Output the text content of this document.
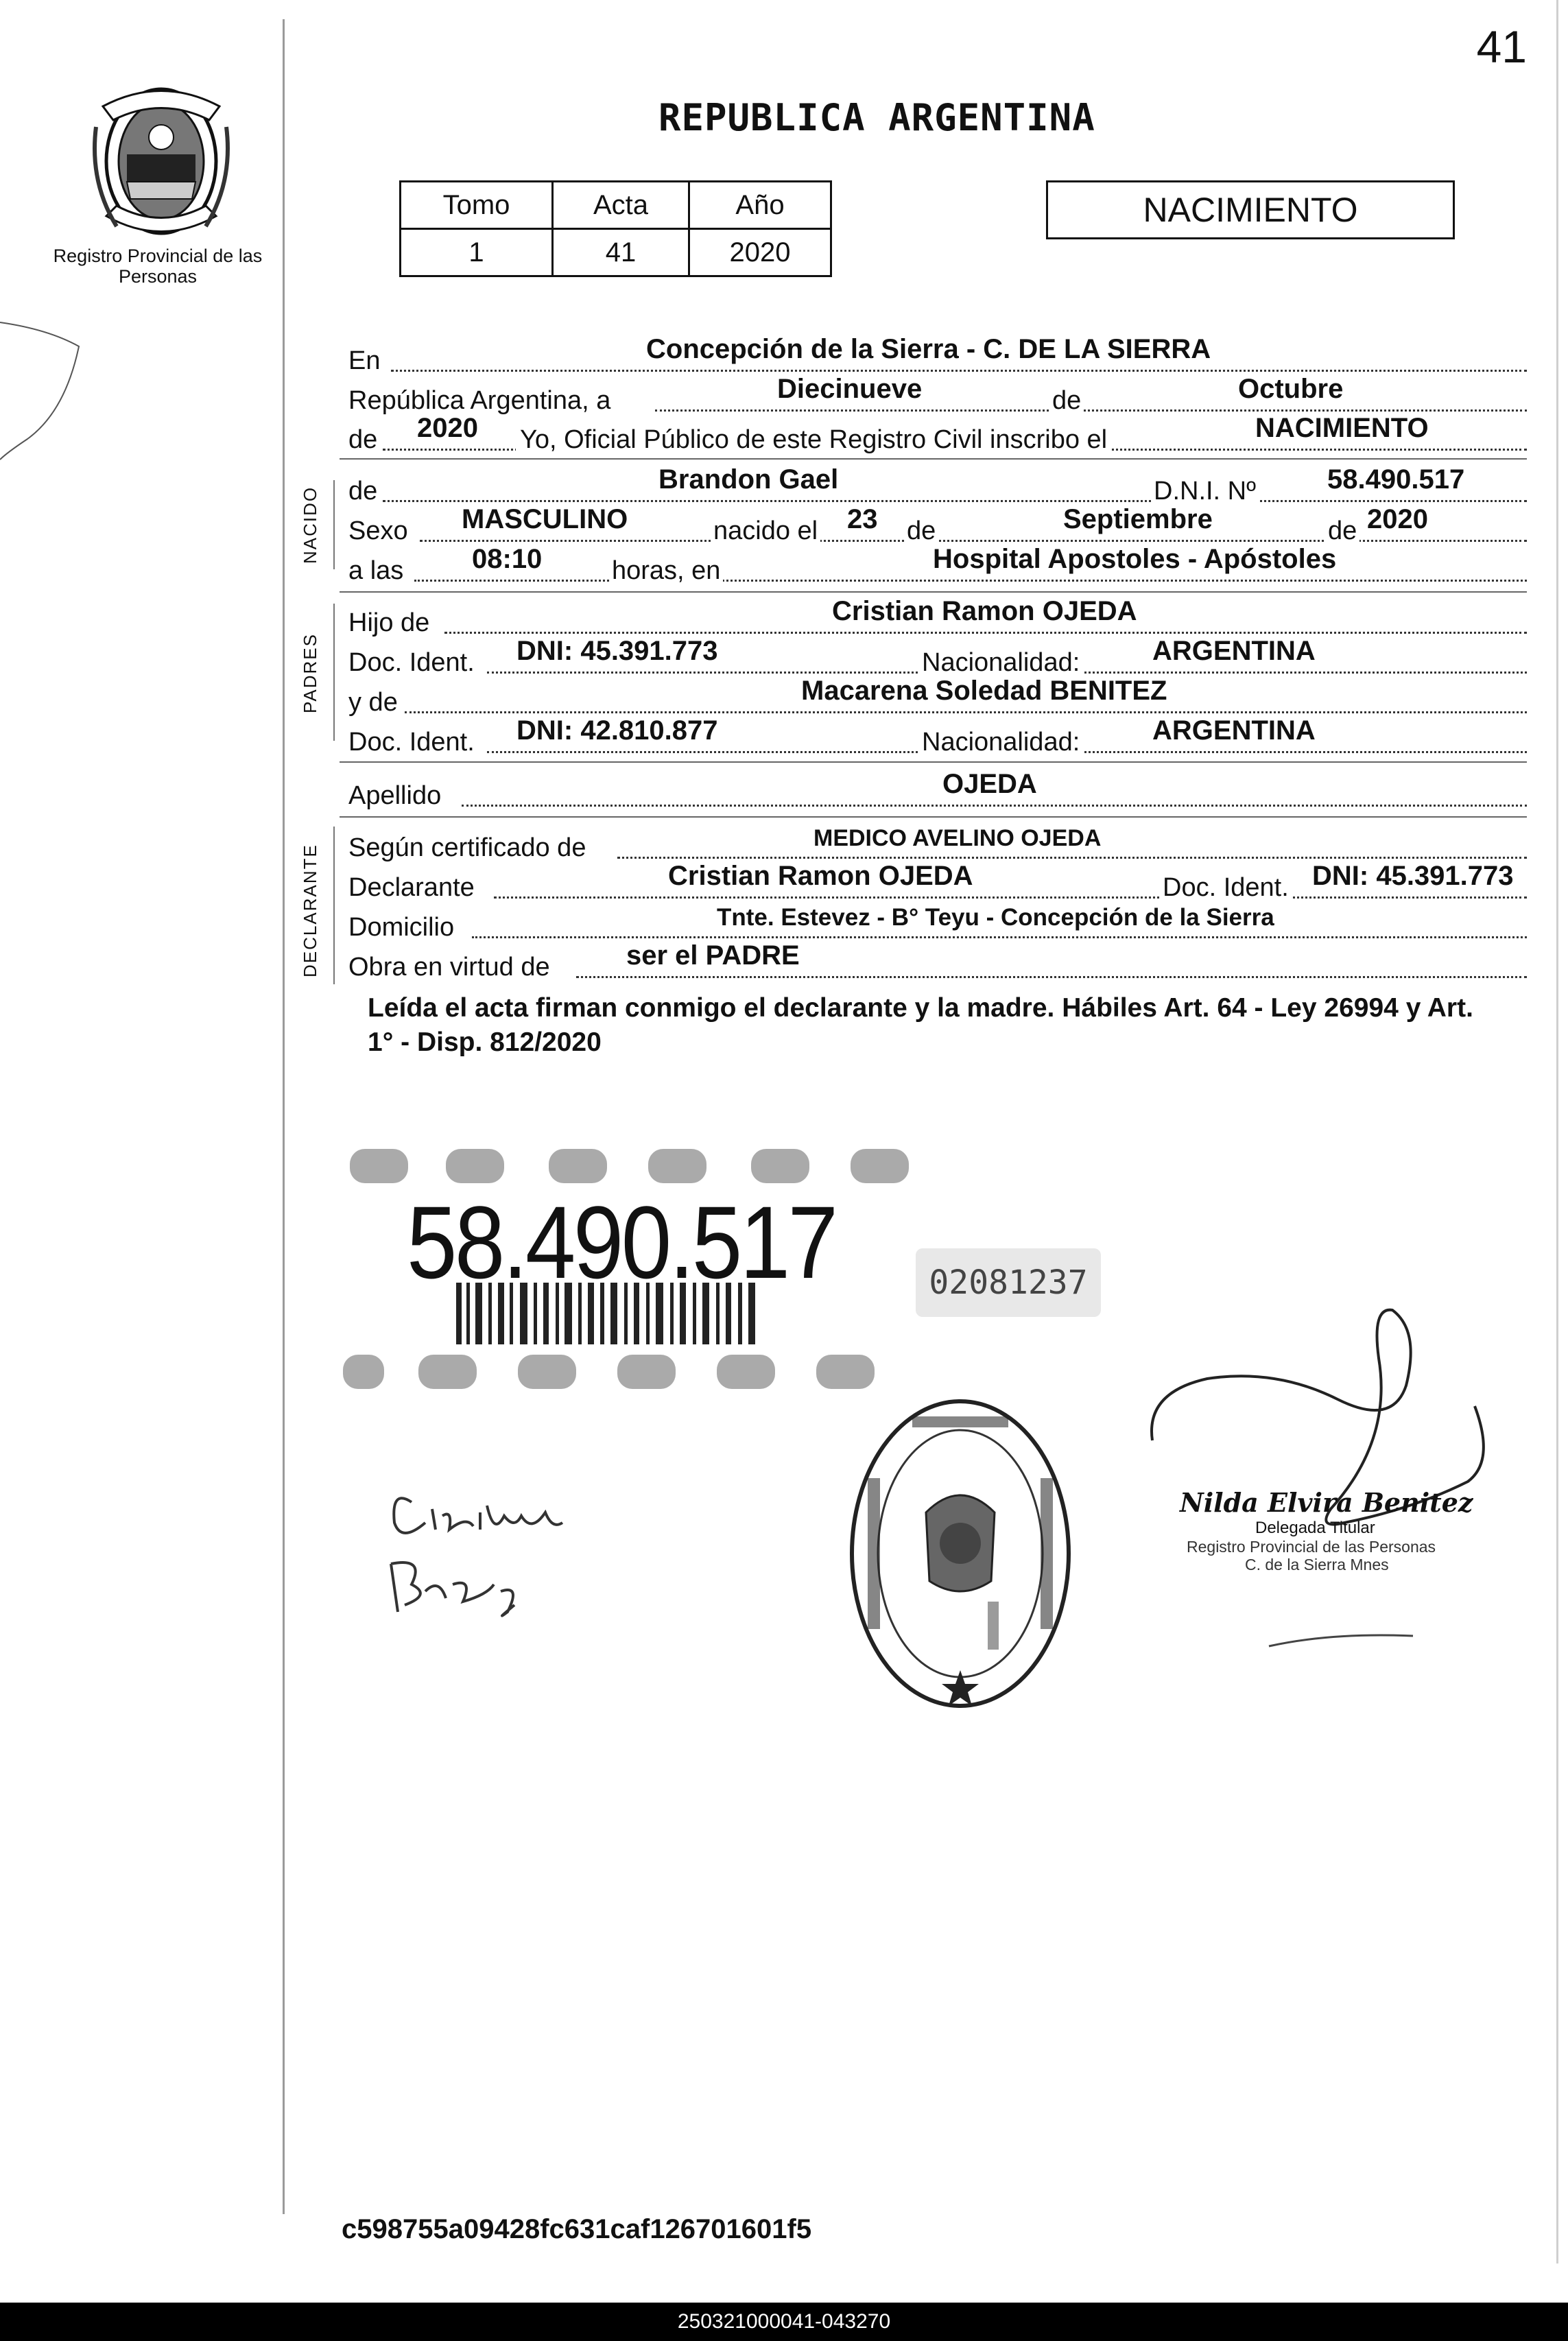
41
Registro Provincial de las Personas
REPUBLICA ARGENTINA
Tomo	Acta	Año
1	41	2020
NACIMIENTO
NACIDO
PADRES
DECLARANTE
En	Concepción de la Sierra - C. DE LA SIERRA
República Argentina, a	Diecinueve	de	Octubre
de 2020 Yo, Oficial Público de este Registro Civil inscribo el	NACIMIENTO
de	Brandon Gael	D.N.I. Nº	58.490.517
Sexo MASCULINO	nacido el 23 de	Septiembre	de 2020
a las 08:10	horas, en	Hospital Apostoles - Apóstoles
Hijo de	Cristian Ramon OJEDA
Doc. Ident. DNI: 45.391.773	Nacionalidad:	ARGENTINA
y de	Macarena Soledad BENITEZ
Doc. Ident. DNI: 42.810.877	Nacionalidad:	ARGENTINA
Apellido	OJEDA
Según certificado de	MEDICO AVELINO OJEDA
Declarante	Cristian Ramon OJEDA	Doc. Ident. DNI: 45.391.773
Domicilio	Tnte. Estevez - B° Teyu - Concepción de la Sierra
Obra en virtud de	ser el PADRE
Leída el acta firman conmigo el declarante y la madre. Hábiles Art. 64 - Ley 26994 y Art. 1° - Disp. 812/2020
58.490.517	02081237
Nilda Elvira Benitez
Delegada Titular
Registro Provincial de las Personas
C. de la Sierra Mnes
c598755a09428fc631caf126701601f5
250321000041-043270
